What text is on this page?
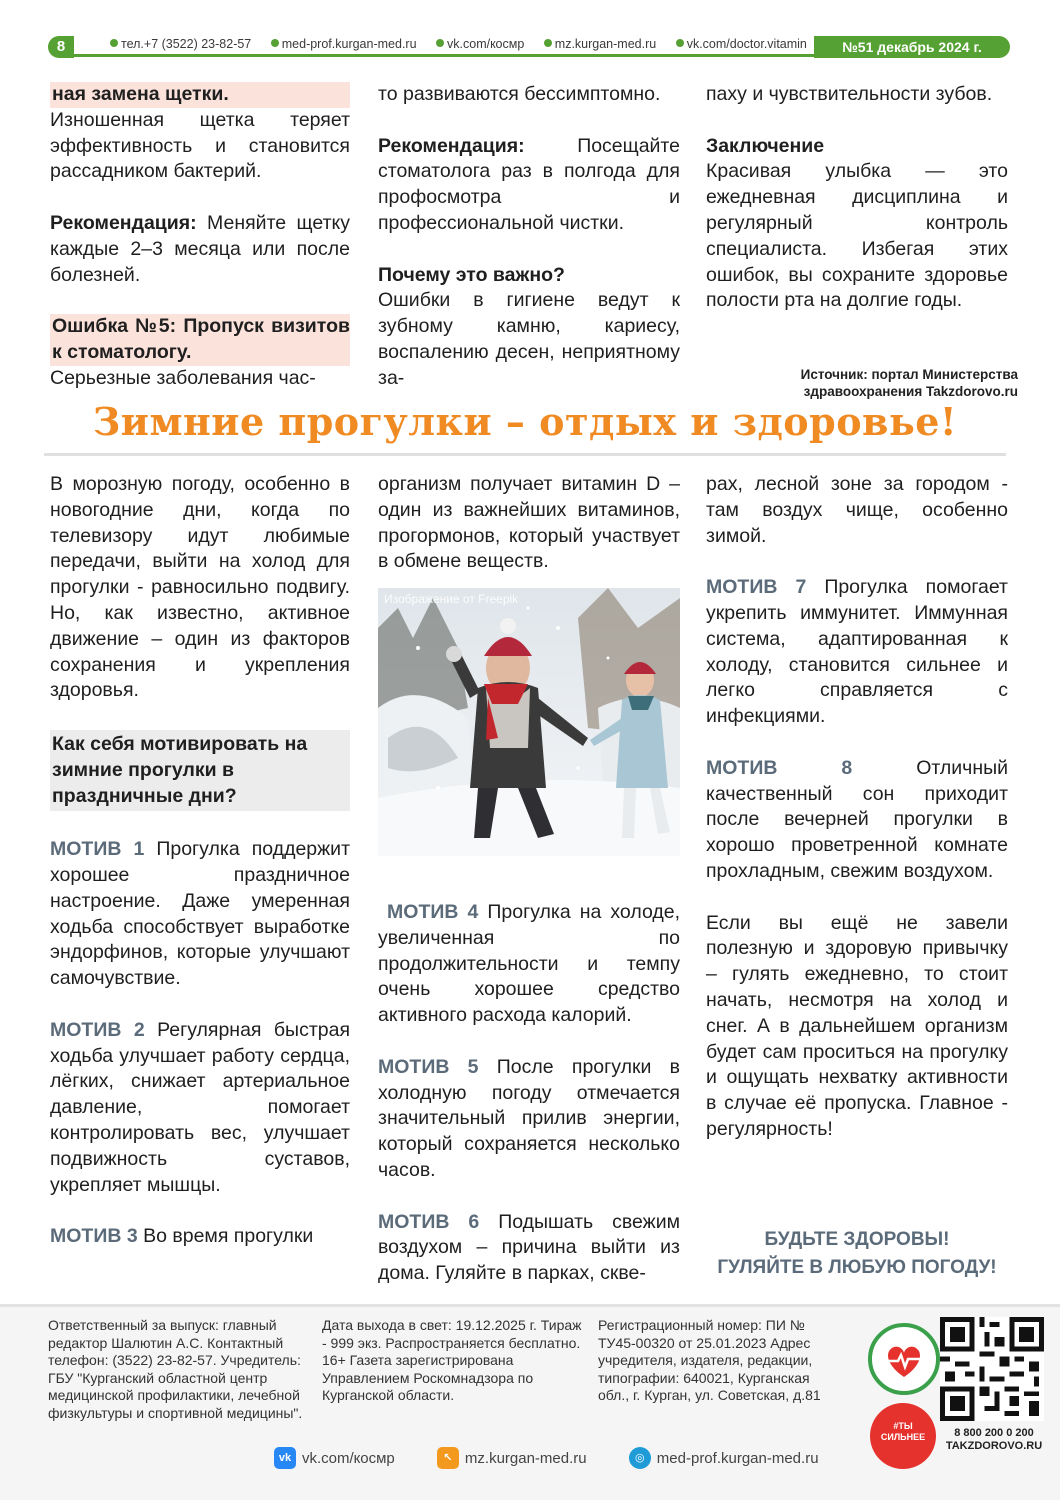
8	тел.+7 (3522) 23-82-57 med-prof.kurgan-med.ru vk.com/кocмp mz.kurgan-med.ru vk.com/doctor.vitamin	№51 декабрь 2024 г.

ная замена щетки.

Изношенная щетка теряет эффективность и становится рассадником бактерий.

Рекомендация: Меняйте щетку каждые 2–3 месяца или после болезней.

Ошибка №5: Пропуск визитов к стоматологу.

Серьезные заболевания час-

то развиваются бессимптомно.

Рекомендация: Посещайте стоматолога раз в полгода для профосмотра и профессиональной чистки.

Почему это важно?

Ошибки в гигиене ведут к зубному камню, кариесу, воспалению десен, неприятному за-

паху и чувствительности зубов.

Заключение

Красивая улыбка — это ежедневная дисциплина и регулярный контроль специалиста. Избегая этих ошибок, вы сохраните здоровье полости рта на долгие годы.

Источник: портал Министерства
здравоохранения Takzdorovo.ru
Зимние прогулки – отдых и здоровье!

В морозную погоду, особенно в новогодние дни, когда по телевизору идут любимые передачи, выйти на холод для прогулки - равносильно подвигу. Но, как известно, активное движение – один из факторов сохранения и укрепления здоровья.

Как себя мотивировать на зимние прогулки в праздничные дни?

МОТИВ 1 Прогулка поддержит хорошее праздничное настроение. Даже умеренная ходьба способствует выработке эндорфинов, которые улучшают самочувствие.

МОТИВ 2 Регулярная быстрая ходьба улучшает работу сердца, лёгких, снижает артериальное давление, помогает контролировать вес, улучшает подвижность суставов, укрепляет мышцы.

МОТИВ 3 Во время прогулки

организм получает витамин D – один из важнейших витаминов, прогормонов, который участвует в обмене веществ.

Изображение от Freepik

МОТИВ 4 Прогулка на холоде, увеличенная по продолжительности и темпу очень хорошее средство активного расхода калорий.

МОТИВ 5 После прогулки в холодную погоду отмечается значительный прилив энергии, который сохраняется несколько часов.

МОТИВ 6 Подышать свежим воздухом – причина выйти из дома. Гуляйте в парках, скве-

рах, лесной зоне за городом - там воздух чище, особенно зимой.

МОТИВ 7 Прогулка помогает укрепить иммунитет. Иммунная система, адаптированная к холоду, становится сильнее и легко справляется с инфекциями.

МОТИВ 8 Отличный качественный сон приходит после вечерней прогулки в хорошо проветренной комнате прохладным, свежим воздухом.

Если вы ещё не завели полезную и здоровую привычку – гулять ежедневно, то стоит начать, несмотря на холод и снег. А в дальнейшем организм будет сам проситься на прогулку и ощущать нехватку активности в случае её пропуска. Главное - регулярность!

БУДЬТЕ ЗДОРОВЫ!
ГУЛЯЙТЕ В ЛЮБУЮ ПОГОДУ!
Ответственный за выпуск: главный редактор Шалютин А.С. Контактный телефон: (3522) 23-82-57. Учредитель: ГБУ "Курганский областной центр медицинской профилактики, лечебной физкультуры и спортивной медицины".
Дата выхода в свет: 19.12.2025 г. Тираж - 999 экз. Распространяется бесплатно. 16+ Газета зарегистрирована Управлением Роскомнадзора по Курганской области.
Регистрационный номер: ПИ № ТУ45-00320 от 25.01.2023 Адрес учредителя, издателя, редакции, типографии: 640021, Курганская обл., г. Курган, ул. Советская, д.81
#ТЫ СИЛЬНЕЕ	8 800 200 0 200
TAKZDOROVO.RU
vk vk.com/кocмp
	↖ mz.kurgan-med.ru
	◎ med-prof.kurgan-med.ru
